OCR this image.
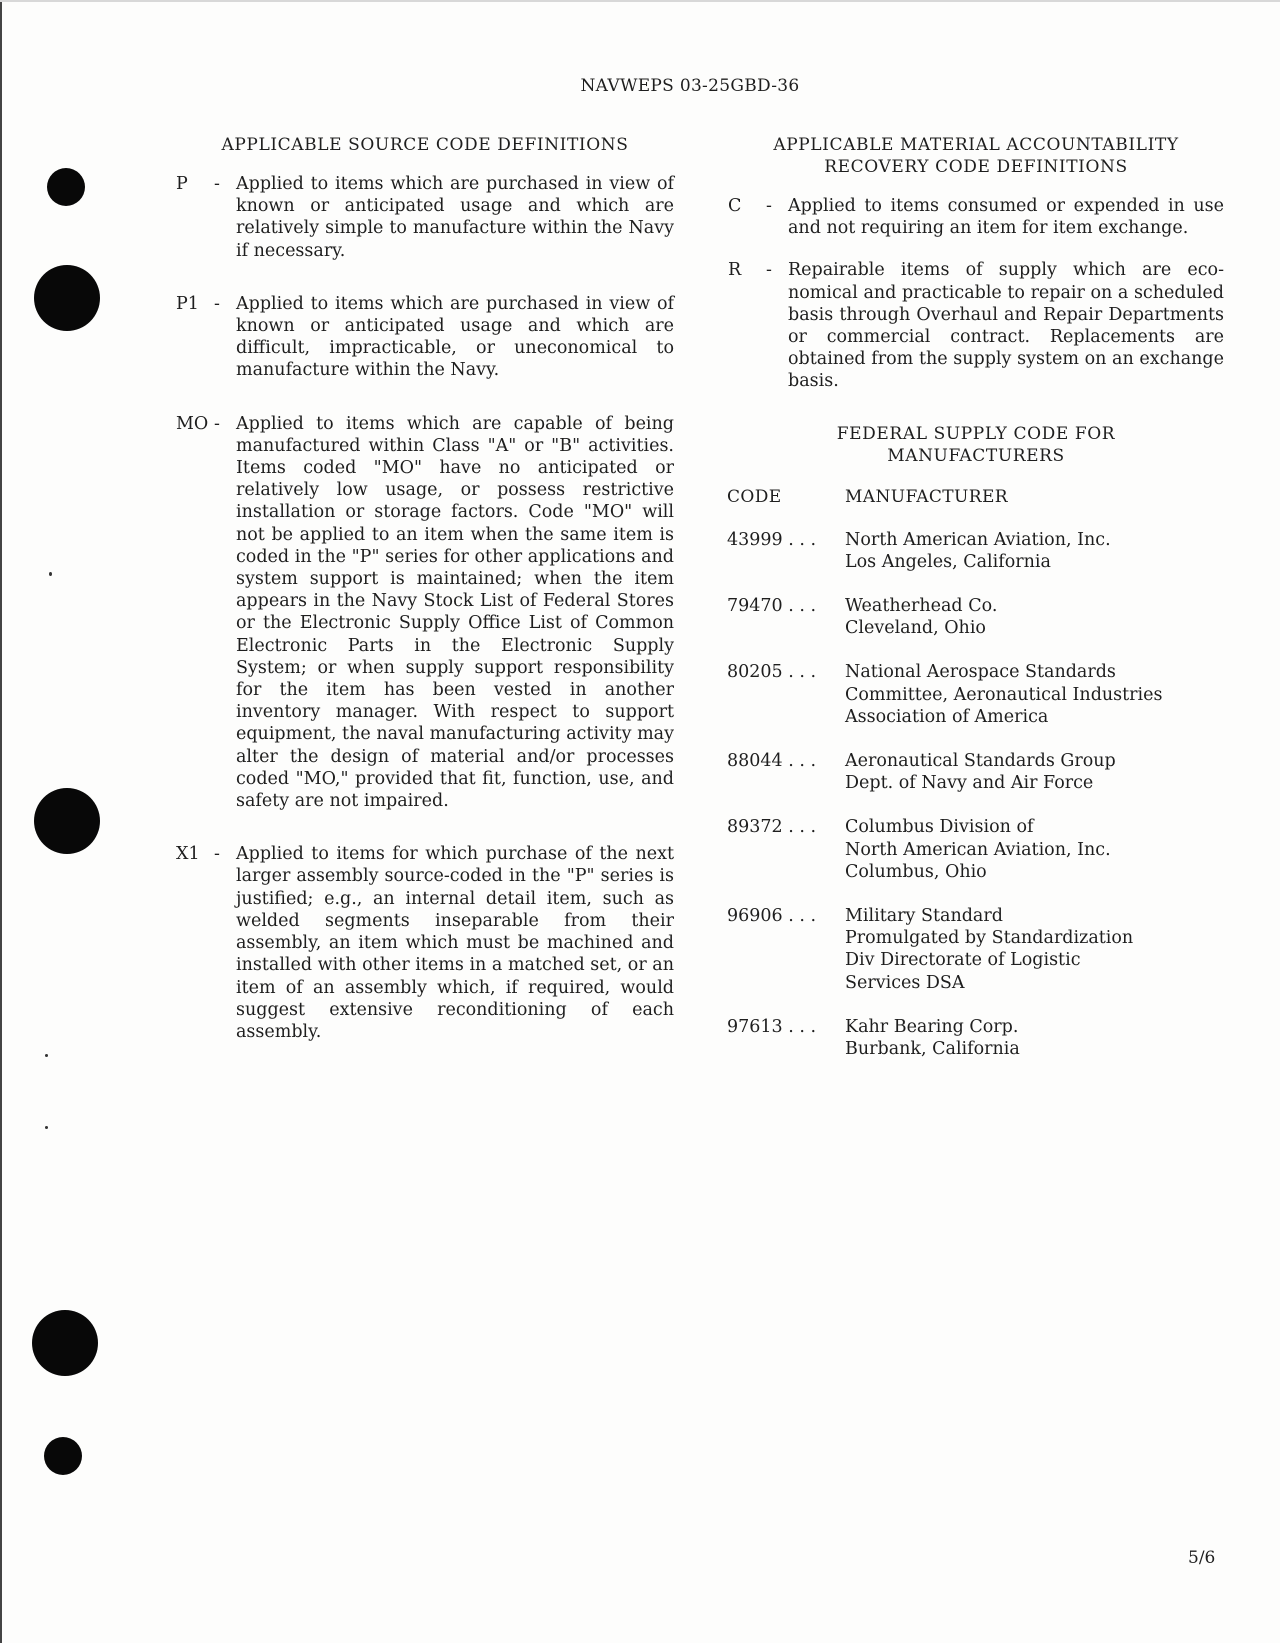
NAVWEPS 03-25GBD-36
APPLICABLE SOURCE CODE DEFINITIONS
P	- Applied to items which are purchased in view of known or anticipated usage and which are relatively simple to manufacture within the Navy if necessary.
P1 - Applied to items which are purchased in view of known or anticipated usage and which are difficult, impracticable, or uneconomical to manufacture within the Navy.
MO - Applied to items which are capable of being manufactured within Class "A" or "B" activities. Items coded "MO" have no anticipated or relatively low usage, or possess restrictive installation or storage factors. Code "MO" will not be applied to an item when the same item is coded in the "P" series for other applications and system support is maintained; when the item appears in the Navy Stock List of Federal Stores or the Electronic Supply Office List of Common Electronic Parts in the Electronic Supply System; or when supply support responsibility for the item has been vested in another inventory manager. With respect to support equipment, the naval manufacturing activity may alter the design of material and/or processes coded "MO," provided that fit, function, use, and safety are not impaired.
X1 - Applied to items for which purchase of the next larger assembly source-coded in the "P" series is justified; e.g., an internal detail item, such as welded segments inseparable from their assembly, an item which must be machined and installed with other items in a matched set, or an item of an assembly which, if required, would suggest extensive reconditioning of each assembly.
APPLICABLE MATERIAL ACCOUNTABILITY
RECOVERY CODE DEFINITIONS
C	- Applied to items consumed or expended in use and not requiring an item for item exchange.
R	- Repairable items of supply which are economical and practicable to repair on a scheduled basis through Overhaul and Repair Departments or commercial contract. Replacements are obtained from the supply system on an exchange basis.
FEDERAL SUPPLY CODE FOR
MANUFACTURERS
CODE	MANUFACTURER
43999 . . .	North American Aviation, Inc.
Los Angeles, California
79470 . . .	Weatherhead Co.
Cleveland, Ohio
80205 . . .	National Aerospace Standards
Committee, Aeronautical Industries
Association of America
88044 . . .	Aeronautical Standards Group
Dept. of Navy and Air Force
89372 . . .	Columbus Division of
North American Aviation, Inc.
Columbus, Ohio
96906 . . .	Military Standard
Promulgated by Standardization
Div Directorate of Logistic
Services DSA
97613 . . .	Kahr Bearing Corp.
Burbank, California
5/6
